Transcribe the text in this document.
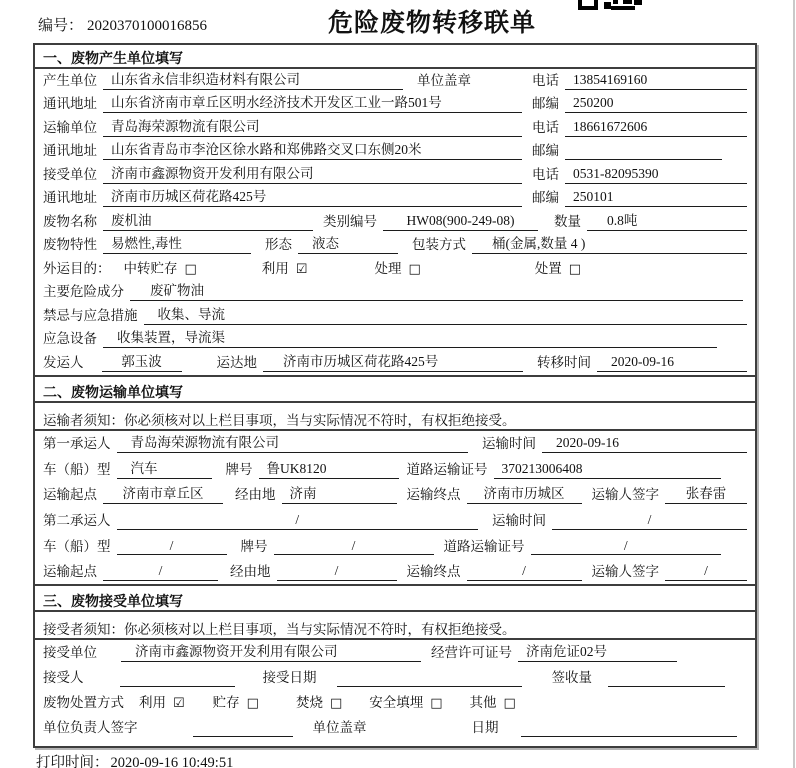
编号： 2020370100016856	危险废物转移联单
一、废物产生单位填写
产生单位	山东省永信非织造材料有限公司	单位盖章	电话	13854169160
通讯地址	山东省济南市章丘区明水经济技术开发区工业一路501号	邮编	250200
运输单位	青岛海荣源物流有限公司	电话	18661672606
通讯地址	山东省青岛市李沧区徐水路和郑佛路交叉口东侧20米	邮编
接受单位	济南市鑫源物资开发利用有限公司	电话	0531-82095390
通讯地址	济南市历城区荷花路425号	邮编	250101
废物名称	废机油	类别编号	HW08(900-249-08)	数量	0.8吨
废物特性	易燃性,毒性	形态	液态	包装方式	桶(金属,数量 4 )
外运目的： 中转贮存 □	利用 ☑	处理 □	处置 □
主要危险成分	废矿物油
禁忌与应急措施	收集、导流
应急设备	收集装置，导流渠
发运人	郭玉波	运达地	济南市历城区荷花路425号	转移时间	2020-09-16
二、废物运输单位填写
运输者须知：你必须核对以上栏目事项，当与实际情况不符时，有权拒绝接受。
第一承运人	青岛海荣源物流有限公司	运输时间	2020-09-16
车（船）型	汽车	牌号	鲁UK8120	道路运输证号	370213006408
运输起点	济南市章丘区	经由地	济南	运输终点	济南市历城区	运输人签字	张春雷
第二承运人	/	运输时间	/
车（船）型	/	牌号	/	道路运输证号	/
运输起点	/	经由地	/	运输终点	/	运输人签字	/
三、废物接受单位填写
接受者须知：你必须核对以上栏目事项，当与实际情况不符时，有权拒绝接受。
接受单位	济南市鑫源物资开发利用有限公司	经营许可证号	济南危证02号
接受人	接受日期	签收量
废物处置方式 利用 ☑ 贮存 □	焚烧 □ 安全填埋 □ 其他 □
单位负责人签字	单位盖章	日期
打印时间： 2020-09-16 10:49:51
